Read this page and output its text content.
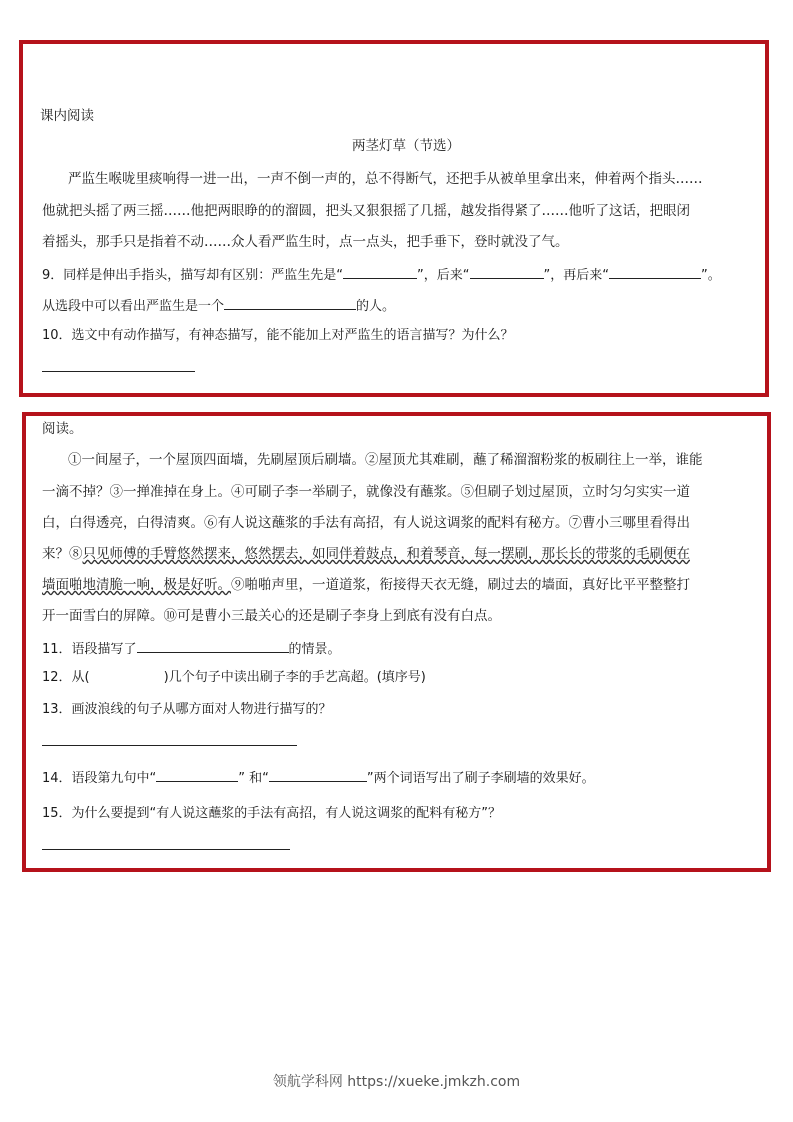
课内阅读
两茎灯草（节选）
严监生喉咙里痰响得一进一出，一声不倒一声的，总不得断气，还把手从被单里拿出来，伸着两个指头……
他就把头摇了两三摇……他把两眼睁的的溜圆，把头又狠狠摇了几摇，越发指得紧了……他听了这话，把眼闭
着摇头，那手只是指着不动……众人看严监生时，点一点头，把手垂下，登时就没了气。
9．同样是伸出手指头，描写却有区别：严监生先是“	”，后来“	”，再后来“	”。
从选段中可以看出严监生是一个	的人。
10．选文中有动作描写，有神态描写，能不能加上对严监生的语言描写？为什么？
阅读。
①一间屋子，一个屋顶四面墙，先刷屋顶后刷墙。②屋顶尤其难刷，蘸了稀溜溜粉浆的板刷往上一举，谁能
一滴不掉？③一掸准掉在身上。④可刷子李一举刷子，就像没有蘸浆。⑤但刷子划过屋顶，立时匀匀实实一道
白，白得透亮，白得清爽。⑥有人说这蘸浆的手法有高招，有人说这调浆的配料有秘方。⑦曹小三哪里看得出
来？⑧只见师傅的手臂悠然摆来，悠然摆去，如同伴着鼓点，和着琴音，每一摆刷，那长长的带浆的毛刷便在
墙面啪地清脆一响，极是好听。⑨啪啪声里，一道道浆，衔接得天衣无缝，刷过去的墙面，真好比平平整整打
开一面雪白的屏障。⑩可是曹小三最关心的还是刷子李身上到底有没有白点。
11．语段描写了	的情景。
12．从(	)几个句子中读出刷子李的手艺高超。(填序号)
13．画波浪线的句子从哪方面对人物进行描写的？
14．语段第九句中“	” 和“	”两个词语写出了刷子李刷墙的效果好。
15．为什么要提到“有人说这蘸浆的手法有高招，有人说这调浆的配料有秘方”？
领航学科网 https://xueke.jmkzh.com
